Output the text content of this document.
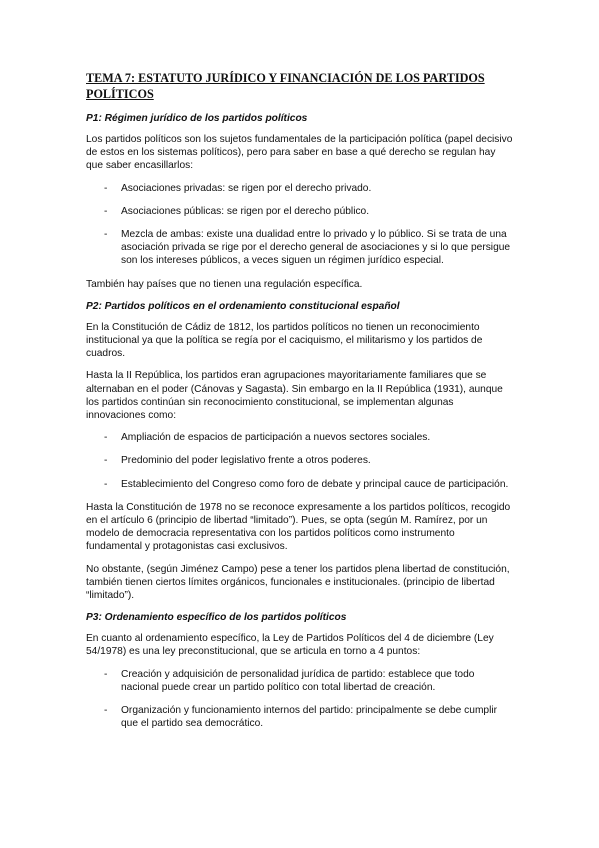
TEMA 7: ESTATUTO JURÍDICO Y FINANCIACIÓN DE LOS PARTIDOS POLÍTICOS
P1: Régimen jurídico de los partidos políticos

Los partidos políticos son los sujetos fundamentales de la participación política (papel decisivo de estos en los sistemas políticos), pero para saber en base a qué derecho se regulan hay que saber encasillarlos:

- Asociaciones privadas: se rigen por el derecho privado.
- Asociaciones públicas: se rigen por el derecho público.
- Mezcla de ambas: existe una dualidad entre lo privado y lo público. Si se trata de una asociación privada se rige por el derecho general de asociaciones y si lo que persigue son los intereses públicos, a veces siguen un régimen jurídico especial.

También hay países que no tienen una regulación específica.

P2: Partidos políticos en el ordenamiento constitucional español

En la Constitución de Cádiz de 1812, los partidos políticos no tienen un reconocimiento institucional ya que la política se regía por el caciquismo, el militarismo y los partidos de cuadros.

Hasta la II República, los partidos eran agrupaciones mayoritariamente familiares que se alternaban en el poder (Cánovas y Sagasta). Sin embargo en la II República (1931), aunque los partidos continúan sin reconocimiento constitucional, se implementan algunas innovaciones como:

- Ampliación de espacios de participación a nuevos sectores sociales.
- Predominio del poder legislativo frente a otros poderes.
- Establecimiento del Congreso como foro de debate y principal cauce de participación.

Hasta la Constitución de 1978 no se reconoce expresamente a los partidos políticos, recogido en el artículo 6 (principio de libertad “limitado”). Pues, se opta (según M. Ramírez, por un modelo de democracia representativa con los partidos políticos como instrumento fundamental y protagonistas casi exclusivos.

No obstante, (según Jiménez Campo) pese a tener los partidos plena libertad de constitución, también tienen ciertos límites orgánicos, funcionales e institucionales. (principio de libertad “limitado”).

P3: Ordenamiento específico de los partidos políticos

En cuanto al ordenamiento específico, la Ley de Partidos Políticos del 4 de diciembre (Ley 54/1978) es una ley preconstitucional, que se articula en torno a 4 puntos:

- Creación y adquisición de personalidad jurídica de partido: establece que todo nacional puede crear un partido político con total libertad de creación.
- Organización y funcionamiento internos del partido: principalmente se debe cumplir que el partido sea democrático.
